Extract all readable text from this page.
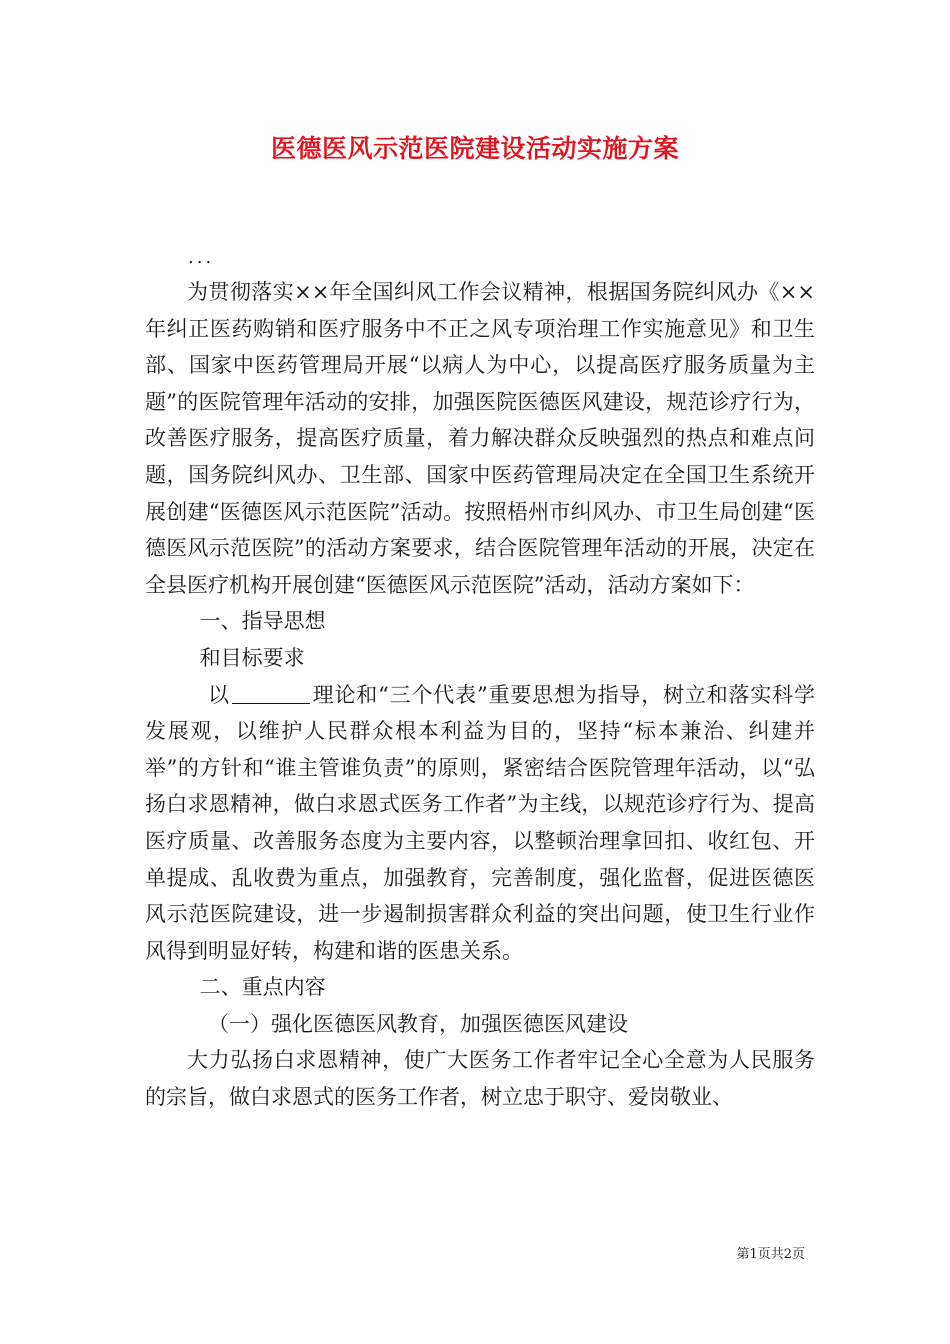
医德医风示范医院建设活动实施方案
...

为贯彻落实××年全国纠风工作会议精神，根据国务院纠风办《××年纠正医药购销和医疗服务中不正之风专项治理工作实施意见》和卫生部、国家中医药管理局开展“以病人为中心，以提高医疗服务质量为主题”的医院管理年活动的安排，加强医院医德医风建设，规范诊疗行为，改善医疗服务，提高医疗质量，着力解决群众反映强烈的热点和难点问题，国务院纠风办、卫生部、国家中医药管理局决定在全国卫生系统开展创建“医德医风示范医院”活动。按照梧州市纠风办、市卫生局创建“医德医风示范医院”的活动方案要求，结合医院管理年活动的开展，决定在全县医疗机构开展创建“医德医风示范医院”活动，活动方案如下：

一、指导思想

和目标要求

以	理论和“三个代表”重要思想为指导，树立和落实科学发展观，以维护人民群众根本利益为目的，坚持“标本兼治、纠建并举”的方针和“谁主管谁负责”的原则，紧密结合医院管理年活动，以“弘扬白求恩精神，做白求恩式医务工作者”为主线，以规范诊疗行为、提高医疗质量、改善服务态度为主要内容，以整顿治理拿回扣、收红包、开单提成、乱收费为重点，加强教育，完善制度，强化监督，促进医德医风示范医院建设，进一步遏制损害群众利益的突出问题，使卫生行业作风得到明显好转，构建和谐的医患关系。

二、重点内容

（一）强化医德医风教育，加强医德医风建设

大力弘扬白求恩精神，使广大医务工作者牢记全心全意为人民服务的宗旨，做白求恩式的医务工作者，树立忠于职守、爱岗敬业、

第1页共2页
